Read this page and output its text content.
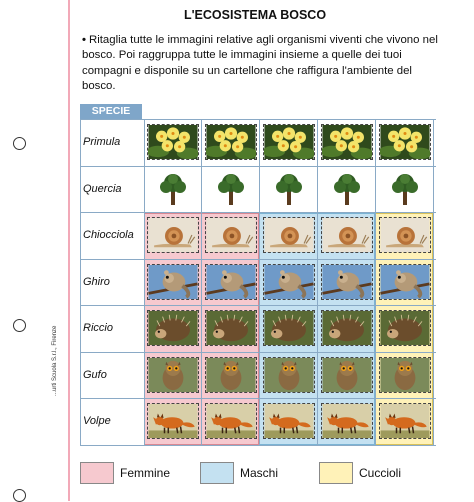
...urti Scuola S.r.l., Firenze
L'ECOSISTEMA BOSCO
• Ritaglia tutte le immagini relative agli organismi viventi che vivono nel bosco. Poi raggruppa tutte le immagini insieme a quelle dei tuoi compagni e disponile su un cartellone che raffigura l'ambiente del bosco.
SPECIE
Primula
Quercia
Chiocciola
Ghiro
Riccio
Gufo
Volpe
Femmine	Maschi	Cuccioli
